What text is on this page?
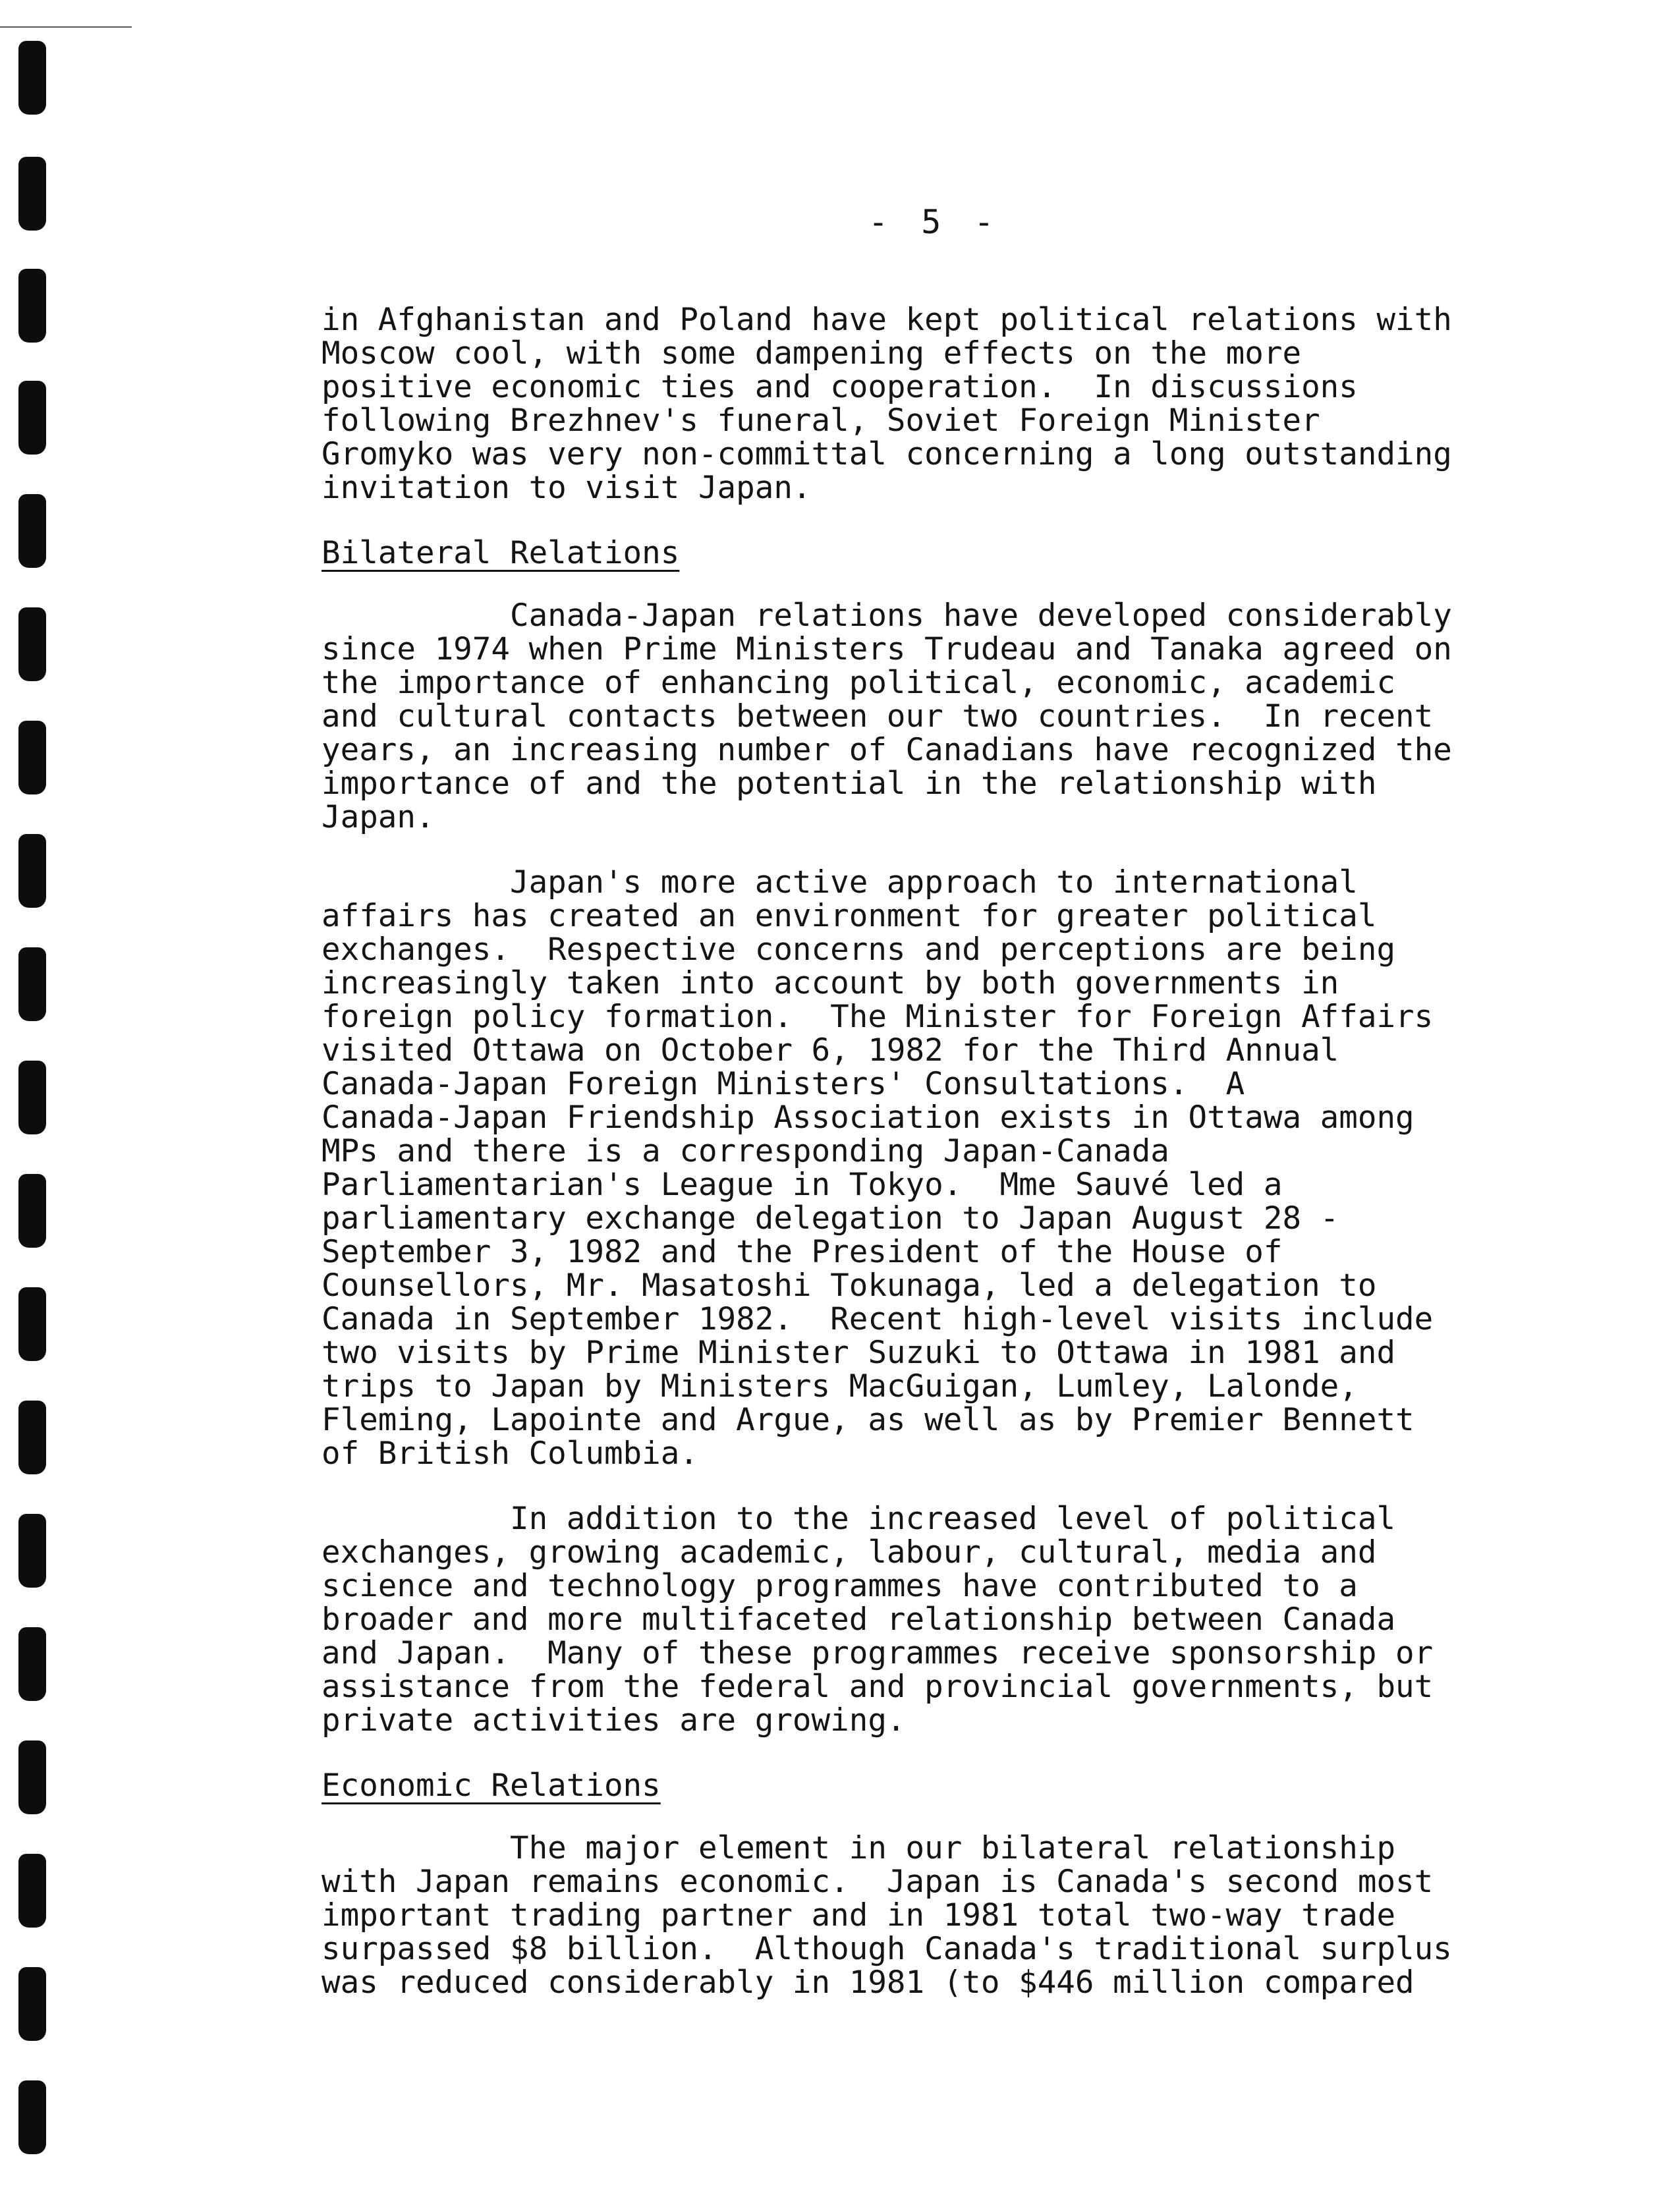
- 5 -

in Afghanistan and Poland have kept political relations with
Moscow cool, with some dampening effects on the more
positive economic ties and cooperation.  In discussions
following Brezhnev's funeral, Soviet Foreign Minister
Gromyko was very non-committal concerning a long outstanding
invitation to visit Japan.

Bilateral Relations

Canada-Japan relations have developed considerably
since 1974 when Prime Ministers Trudeau and Tanaka agreed on
the importance of enhancing political, economic, academic
and cultural contacts between our two countries.  In recent
years, an increasing number of Canadians have recognized the
importance of and the potential in the relationship with
Japan.

Japan's more active approach to international
affairs has created an environment for greater political
exchanges.  Respective concerns and perceptions are being
increasingly taken into account by both governments in
foreign policy formation.  The Minister for Foreign Affairs
visited Ottawa on October 6, 1982 for the Third Annual
Canada-Japan Foreign Ministers' Consultations.  A
Canada-Japan Friendship Association exists in Ottawa among
MPs and there is a corresponding Japan-Canada
Parliamentarian's League in Tokyo.  Mme Sauvé led a
parliamentary exchange delegation to Japan August 28 -
September 3, 1982 and the President of the House of
Counsellors, Mr. Masatoshi Tokunaga, led a delegation to
Canada in September 1982.  Recent high-level visits include
two visits by Prime Minister Suzuki to Ottawa in 1981 and
trips to Japan by Ministers MacGuigan, Lumley, Lalonde,
Fleming, Lapointe and Argue, as well as by Premier Bennett
of British Columbia.

In addition to the increased level of political
exchanges, growing academic, labour, cultural, media and
science and technology programmes have contributed to a
broader and more multifaceted relationship between Canada
and Japan.  Many of these programmes receive sponsorship or
assistance from the federal and provincial governments, but
private activities are growing.

Economic Relations

The major element in our bilateral relationship
with Japan remains economic.  Japan is Canada's second most
important trading partner and in 1981 total two-way trade
surpassed $8 billion.  Although Canada's traditional surplus
was reduced considerably in 1981 (to $446 million compared
